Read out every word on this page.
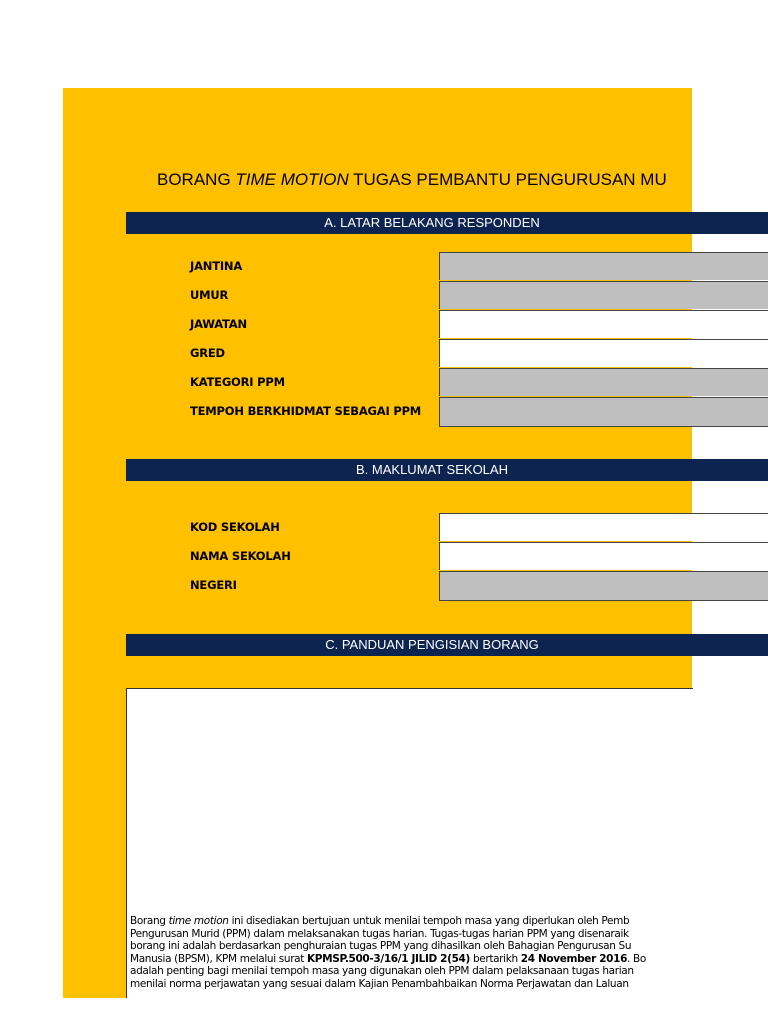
BORANG TIME MOTION TUGAS PEMBANTU PENGURUSAN MU
A. LATAR BELAKANG RESPONDEN
JANTINA
UMUR
JAWATAN
GRED
KATEGORI PPM
TEMPOH BERKHIDMAT SEBAGAI PPM
B. MAKLUMAT SEKOLAH
KOD SEKOLAH
NAMA SEKOLAH
NEGERI
C. PANDUAN PENGISIAN BORANG
Borang time motion ini disediakan bertujuan untuk menilai tempoh masa yang diperlukan oleh Pemb
Pengurusan Murid (PPM) dalam melaksanakan tugas harian. Tugas-tugas harian PPM yang disenaraik
borang ini adalah berdasarkan penghuraian tugas PPM yang dihasilkan oleh Bahagian Pengurusan Su
Manusia (BPSM), KPM melalui surat KPMSP.500-3/16/1 JILID 2(54) bertarikh 24 November 2016. Bo
adalah penting bagi menilai tempoh masa yang digunakan oleh PPM dalam pelaksanaan tugas harian
menilai norma perjawatan yang sesuai dalam Kajian Penambahbaikan Norma Perjawatan dan Laluan
